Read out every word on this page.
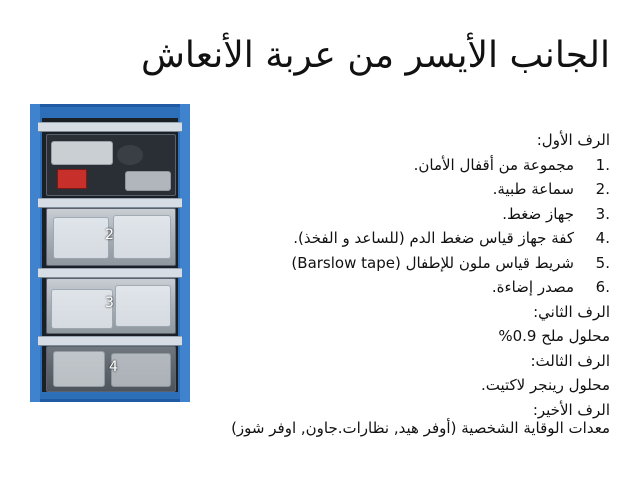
الجانب الأيسر من عربة الأنعاش
2
3
4
الرف الأول:
.1مجموعة من أقفال الأمان.
.2سماعة طبية.
.3جهاز ضغط.
.4كفة جهاز قياس ضغط الدم (للساعد و الفخذ).
.5شريط قياس ملون للإطفال (Barslow tape)
.6مصدر إضاءة.
الرف الثاني:
محلول ملح 0.9%
الرف الثالث:
محلول رينجر لاكتيت.
الرف الأخير:
معدات الوقاية الشخصية (أوفر هيد, نظارات.جاون, اوفر شوز)
